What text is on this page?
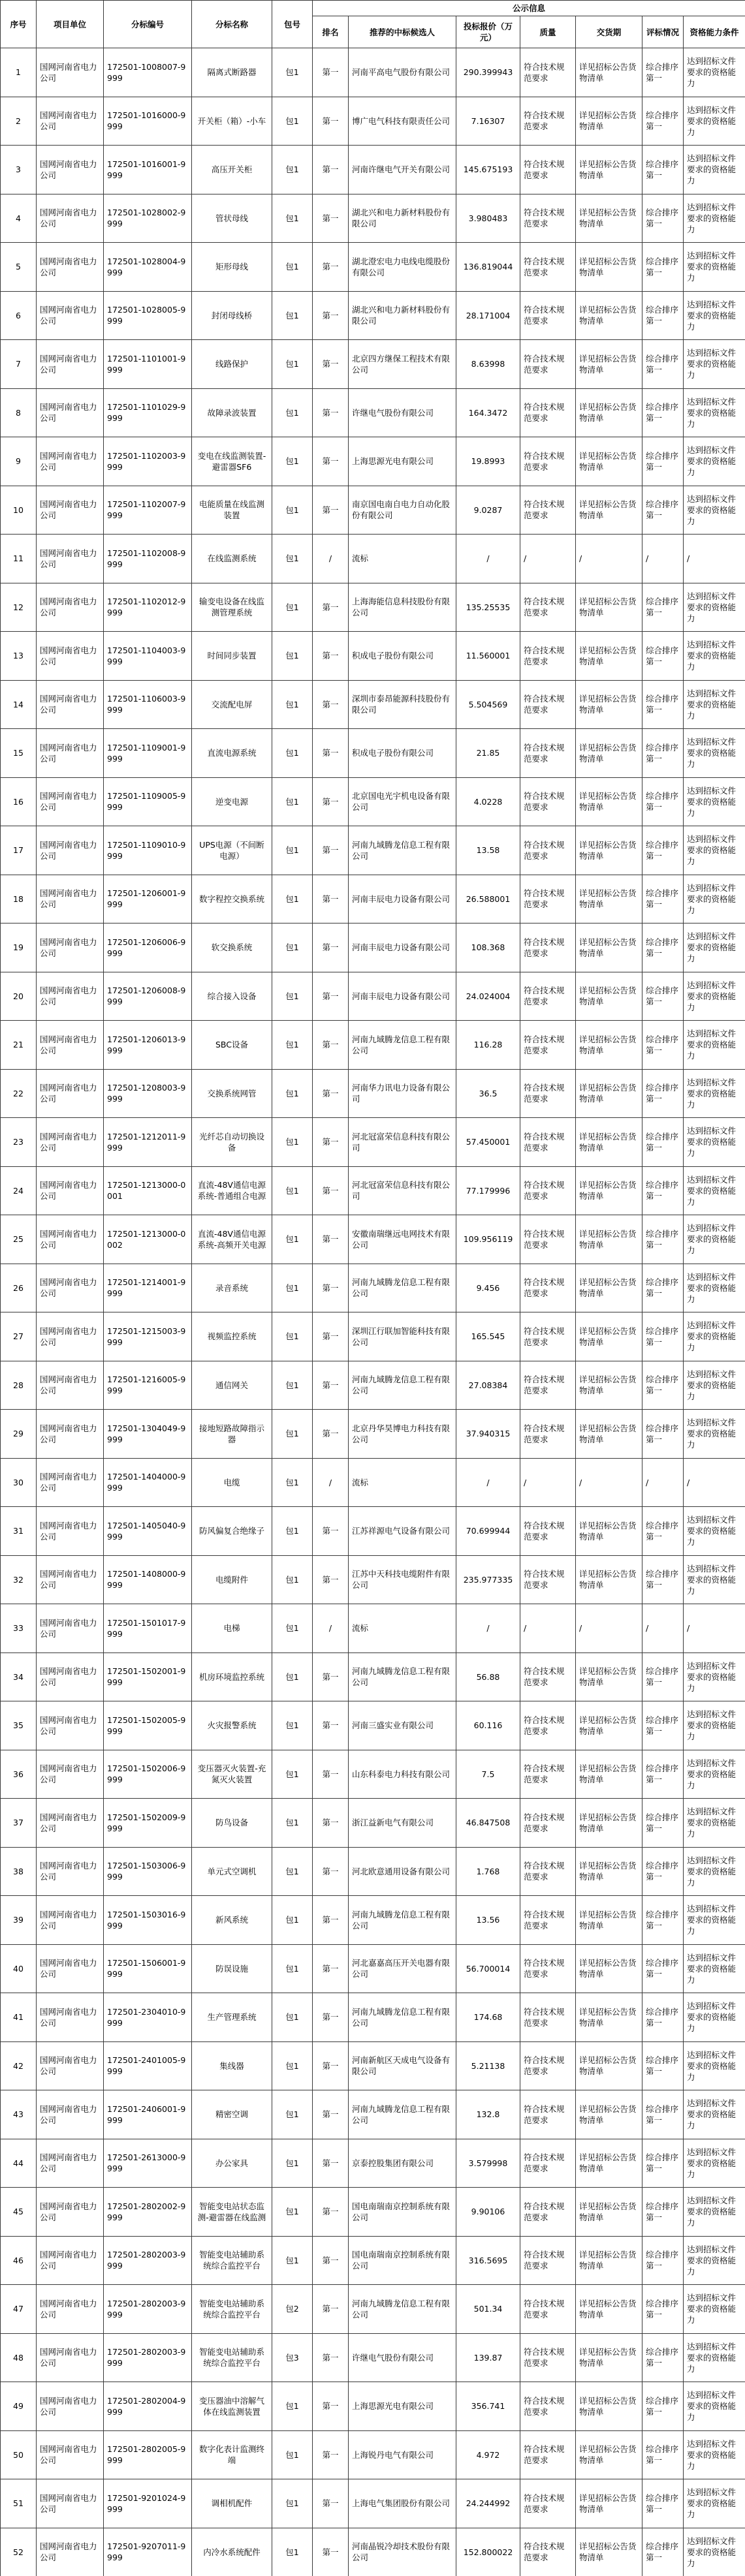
序号	项目单位	分标编号	分标名称	包号	公示信息						
					排名	推荐的中标候选人	投标报价（万元）	质量	交货期	评标情况	资格能力条件
1	国网河南省电力公司	172501-1008007-9999	隔离式断路器	包1	第一	河南平高电气股份有限公司	290.399943	符合技术规范要求	详见招标公告货物清单	综合排序第一	达到招标文件要求的资格能力
2	国网河南省电力公司	172501-1016000-9999	开关柜（箱）-小车	包1	第一	博广电气科技有限责任公司	7.16307	符合技术规范要求	详见招标公告货物清单	综合排序第一	达到招标文件要求的资格能力
3	国网河南省电力公司	172501-1016001-9999	高压开关柜	包1	第一	河南许继电气开关有限公司	145.675193	符合技术规范要求	详见招标公告货物清单	综合排序第一	达到招标文件要求的资格能力
4	国网河南省电力公司	172501-1028002-9999	管状母线	包1	第一	湖北兴和电力新材料股份有限公司	3.980483	符合技术规范要求	详见招标公告货物清单	综合排序第一	达到招标文件要求的资格能力
5	国网河南省电力公司	172501-1028004-9999	矩形母线	包1	第一	湖北澄宏电力电线电缆股份有限公司	136.819044	符合技术规范要求	详见招标公告货物清单	综合排序第一	达到招标文件要求的资格能力
6	国网河南省电力公司	172501-1028005-9999	封闭母线桥	包1	第一	湖北兴和电力新材料股份有限公司	28.171004	符合技术规范要求	详见招标公告货物清单	综合排序第一	达到招标文件要求的资格能力
7	国网河南省电力公司	172501-1101001-9999	线路保护	包1	第一	北京四方继保工程技术有限公司	8.63998	符合技术规范要求	详见招标公告货物清单	综合排序第一	达到招标文件要求的资格能力
8	国网河南省电力公司	172501-1101029-9999	故障录波装置	包1	第一	许继电气股份有限公司	164.3472	符合技术规范要求	详见招标公告货物清单	综合排序第一	达到招标文件要求的资格能力
9	国网河南省电力公司	172501-1102003-9999	变电在线监测装置-避雷器SF6	包1	第一	上海思源光电有限公司	19.8993	符合技术规范要求	详见招标公告货物清单	综合排序第一	达到招标文件要求的资格能力
10	国网河南省电力公司	172501-1102007-9999	电能质量在线监测装置	包1	第一	南京国电南自电力自动化股份有限公司	9.0287	符合技术规范要求	详见招标公告货物清单	综合排序第一	达到招标文件要求的资格能力
11	国网河南省电力公司	172501-1102008-9999	在线监测系统	包1	/	流标	/	/	/	/	/
12	国网河南省电力公司	172501-1102012-9999	输变电设备在线监测管理系统	包1	第一	上海海能信息科技股份有限公司	135.25535	符合技术规范要求	详见招标公告货物清单	综合排序第一	达到招标文件要求的资格能力
13	国网河南省电力公司	172501-1104003-9999	时间同步装置	包1	第一	积成电子股份有限公司	11.560001	符合技术规范要求	详见招标公告货物清单	综合排序第一	达到招标文件要求的资格能力
14	国网河南省电力公司	172501-1106003-9999	交流配电屏	包1	第一	深圳市泰昂能源科技股份有限公司	5.504569	符合技术规范要求	详见招标公告货物清单	综合排序第一	达到招标文件要求的资格能力
15	国网河南省电力公司	172501-1109001-9999	直流电源系统	包1	第一	积成电子股份有限公司	21.85	符合技术规范要求	详见招标公告货物清单	综合排序第一	达到招标文件要求的资格能力
16	国网河南省电力公司	172501-1109005-9999	逆变电源	包1	第一	北京国电光宇机电设备有限公司	4.0228	符合技术规范要求	详见招标公告货物清单	综合排序第一	达到招标文件要求的资格能力
17	国网河南省电力公司	172501-1109010-9999	UPS电源（不间断电源）	包1	第一	河南九域腾龙信息工程有限公司	13.58	符合技术规范要求	详见招标公告货物清单	综合排序第一	达到招标文件要求的资格能力
18	国网河南省电力公司	172501-1206001-9999	数字程控交换系统	包1	第一	河南丰辰电力设备有限公司	26.588001	符合技术规范要求	详见招标公告货物清单	综合排序第一	达到招标文件要求的资格能力
19	国网河南省电力公司	172501-1206006-9999	软交换系统	包1	第一	河南丰辰电力设备有限公司	108.368	符合技术规范要求	详见招标公告货物清单	综合排序第一	达到招标文件要求的资格能力
20	国网河南省电力公司	172501-1206008-9999	综合接入设备	包1	第一	河南丰辰电力设备有限公司	24.024004	符合技术规范要求	详见招标公告货物清单	综合排序第一	达到招标文件要求的资格能力
21	国网河南省电力公司	172501-1206013-9999	SBC设备	包1	第一	河南九域腾龙信息工程有限公司	116.28	符合技术规范要求	详见招标公告货物清单	综合排序第一	达到招标文件要求的资格能力
22	国网河南省电力公司	172501-1208003-9999	交换系统网管	包1	第一	河南华力讯电力设备有限公司	36.5	符合技术规范要求	详见招标公告货物清单	综合排序第一	达到招标文件要求的资格能力
23	国网河南省电力公司	172501-1212011-9999	光纤芯自动切换设备	包1	第一	河北冠富荣信息科技有限公司	57.450001	符合技术规范要求	详见招标公告货物清单	综合排序第一	达到招标文件要求的资格能力
24	国网河南省电力公司	172501-1213000-0001	直流-48V通信电源系统-普通组合电源	包1	第一	河北冠富荣信息科技有限公司	77.179996	符合技术规范要求	详见招标公告货物清单	综合排序第一	达到招标文件要求的资格能力
25	国网河南省电力公司	172501-1213000-0002	直流-48V通信电源系统-高频开关电源	包1	第一	安徽南瑞继远电网技术有限公司	109.956119	符合技术规范要求	详见招标公告货物清单	综合排序第一	达到招标文件要求的资格能力
26	国网河南省电力公司	172501-1214001-9999	录音系统	包1	第一	河南九域腾龙信息工程有限公司	9.456	符合技术规范要求	详见招标公告货物清单	综合排序第一	达到招标文件要求的资格能力
27	国网河南省电力公司	172501-1215003-9999	视频监控系统	包1	第一	深圳江行联加智能科技有限公司	165.545	符合技术规范要求	详见招标公告货物清单	综合排序第一	达到招标文件要求的资格能力
28	国网河南省电力公司	172501-1216005-9999	通信网关	包1	第一	河南九域腾龙信息工程有限公司	27.08384	符合技术规范要求	详见招标公告货物清单	综合排序第一	达到招标文件要求的资格能力
29	国网河南省电力公司	172501-1304049-9999	接地短路故障指示器	包1	第一	北京丹华昊博电力科技有限公司	37.940315	符合技术规范要求	详见招标公告货物清单	综合排序第一	达到招标文件要求的资格能力
30	国网河南省电力公司	172501-1404000-9999	电缆	包1	/	流标	/	/	/	/	/
31	国网河南省电力公司	172501-1405040-9999	防风偏复合绝缘子	包1	第一	江苏祥源电气设备有限公司	70.699944	符合技术规范要求	详见招标公告货物清单	综合排序第一	达到招标文件要求的资格能力
32	国网河南省电力公司	172501-1408000-9999	电缆附件	包1	第一	江苏中天科技电缆附件有限公司	235.977335	符合技术规范要求	详见招标公告货物清单	综合排序第一	达到招标文件要求的资格能力
33	国网河南省电力公司	172501-1501017-9999	电梯	包1	/	流标	/	/	/	/	/
34	国网河南省电力公司	172501-1502001-9999	机房环境监控系统	包1	第一	河南九域腾龙信息工程有限公司	56.88	符合技术规范要求	详见招标公告货物清单	综合排序第一	达到招标文件要求的资格能力
35	国网河南省电力公司	172501-1502005-9999	火灾报警系统	包1	第一	河南三盛实业有限公司	60.116	符合技术规范要求	详见招标公告货物清单	综合排序第一	达到招标文件要求的资格能力
36	国网河南省电力公司	172501-1502006-9999	变压器灭火装置-充氮灭火装置	包1	第一	山东科泰电力科技有限公司	7.5	符合技术规范要求	详见招标公告货物清单	综合排序第一	达到招标文件要求的资格能力
37	国网河南省电力公司	172501-1502009-9999	防鸟设备	包1	第一	浙江益新电气有限公司	46.847508	符合技术规范要求	详见招标公告货物清单	综合排序第一	达到招标文件要求的资格能力
38	国网河南省电力公司	172501-1503006-9999	单元式空调机	包1	第一	河北欧意通用设备有限公司	1.768	符合技术规范要求	详见招标公告货物清单	综合排序第一	达到招标文件要求的资格能力
39	国网河南省电力公司	172501-1503016-9999	新风系统	包1	第一	河南九域腾龙信息工程有限公司	13.56	符合技术规范要求	详见招标公告货物清单	综合排序第一	达到招标文件要求的资格能力
40	国网河南省电力公司	172501-1506001-9999	防误设施	包1	第一	河北嘉嘉高压开关电器有限公司	56.700014	符合技术规范要求	详见招标公告货物清单	综合排序第一	达到招标文件要求的资格能力
41	国网河南省电力公司	172501-2304010-9999	生产管理系统	包1	第一	河南九域腾龙信息工程有限公司	174.68	符合技术规范要求	详见招标公告货物清单	综合排序第一	达到招标文件要求的资格能力
42	国网河南省电力公司	172501-2401005-9999	集线器	包1	第一	河南新航区天成电气设备有限公司	5.21138	符合技术规范要求	详见招标公告货物清单	综合排序第一	达到招标文件要求的资格能力
43	国网河南省电力公司	172501-2406001-9999	精密空调	包1	第一	河南九域腾龙信息工程有限公司	132.8	符合技术规范要求	详见招标公告货物清单	综合排序第一	达到招标文件要求的资格能力
44	国网河南省电力公司	172501-2613000-9999	办公家具	包1	第一	京泰控股集团有限公司	3.579998	符合技术规范要求	详见招标公告货物清单	综合排序第一	达到招标文件要求的资格能力
45	国网河南省电力公司	172501-2802002-9999	智能变电站状态监测-避雷器在线监测	包1	第一	国电南瑞南京控制系统有限公司	9.90106	符合技术规范要求	详见招标公告货物清单	综合排序第一	达到招标文件要求的资格能力
46	国网河南省电力公司	172501-2802003-9999	智能变电站辅助系统综合监控平台	包1	第一	国电南瑞南京控制系统有限公司	316.5695	符合技术规范要求	详见招标公告货物清单	综合排序第一	达到招标文件要求的资格能力
47	国网河南省电力公司	172501-2802003-9999	智能变电站辅助系统综合监控平台	包2	第一	河南九域腾龙信息工程有限公司	501.34	符合技术规范要求	详见招标公告货物清单	综合排序第一	达到招标文件要求的资格能力
48	国网河南省电力公司	172501-2802003-9999	智能变电站辅助系统综合监控平台	包3	第一	许继电气股份有限公司	139.87	符合技术规范要求	详见招标公告货物清单	综合排序第一	达到招标文件要求的资格能力
49	国网河南省电力公司	172501-2802004-9999	变压器油中溶解气体在线监测装置	包1	第一	上海思源光电有限公司	356.741	符合技术规范要求	详见招标公告货物清单	综合排序第一	达到招标文件要求的资格能力
50	国网河南省电力公司	172501-2802005-9999	数字化表计监测终端	包1	第一	上海锐丹电气有限公司	4.972	符合技术规范要求	详见招标公告货物清单	综合排序第一	达到招标文件要求的资格能力
51	国网河南省电力公司	172501-9201024-9999	调相机配件	包1	第一	上海电气集团股份有限公司	24.244992	符合技术规范要求	详见招标公告货物清单	综合排序第一	达到招标文件要求的资格能力
52	国网河南省电力公司	172501-9207011-9999	内冷水系统配件	包1	第一	河南晶锐冷却技术股份有限公司	152.800022	符合技术规范要求	详见招标公告货物清单	综合排序第一	达到招标文件要求的资格能力
